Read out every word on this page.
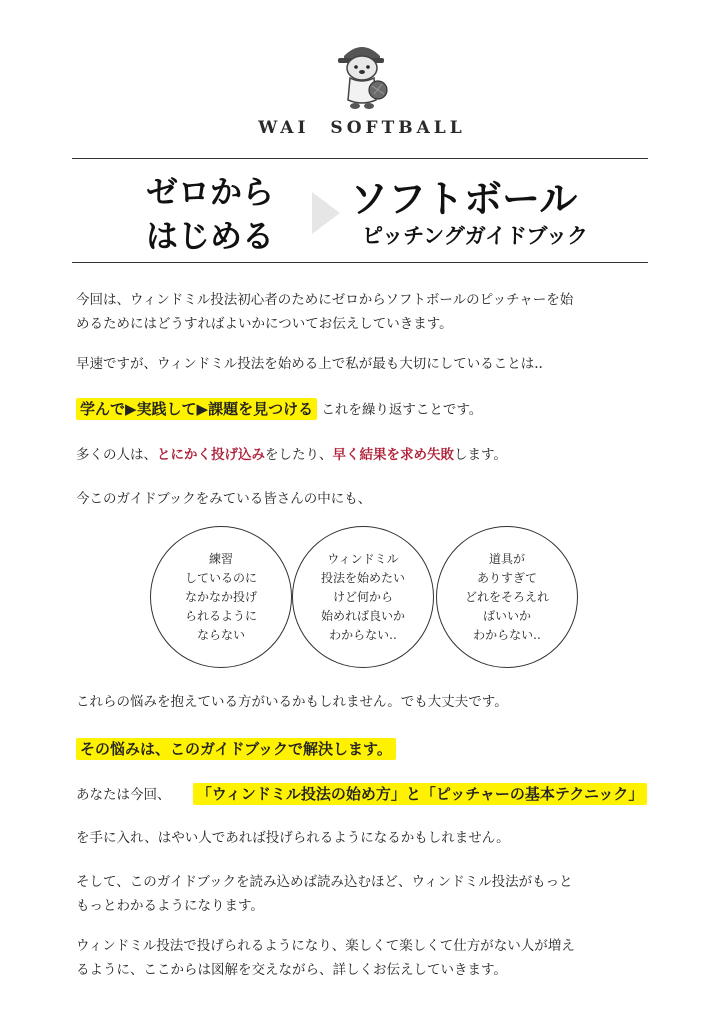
WAI　SOFTBALL
ゼロから
はじめる
ソフトボール
ピッチングガイドブック
今回は、ウィンドミル投法初心者のためにゼロからソフトボールのピッチャーを始
めるためにはどうすればよいかについてお伝えしていきます。
早速ですが、ウィンドミル投法を始める上で私が最も大切にしていることは..
学んで▶実践して▶課題を見つける これを繰り返すことです。
多くの人は、とにかく投げ込みをしたり、早く結果を求め失敗します。
今このガイドブックをみている皆さんの中にも、
練習
しているのに
なかなか投げ
られるように
ならない
ウィンドミル
投法を始めたい
けど何から
始めれば良いか
わからない..
道具が
ありすぎて
どれをそろえれ
ばいいか
わからない..
これらの悩みを抱えている方がいるかもしれません。でも大丈夫です。
その悩みは、このガイドブックで解決します。
あなたは今回、 「ウィンドミル投法の始め方」と「ピッチャーの基本テクニック」
を手に入れ、はやい人であれば投げられるようになるかもしれません。
そして、このガイドブックを読み込めば読み込むほど、ウィンドミル投法がもっと
もっとわかるようになります。
ウィンドミル投法で投げられるようになり、楽しくて楽しくて仕方がない人が増え
るように、ここからは図解を交えながら、詳しくお伝えしていきます。
